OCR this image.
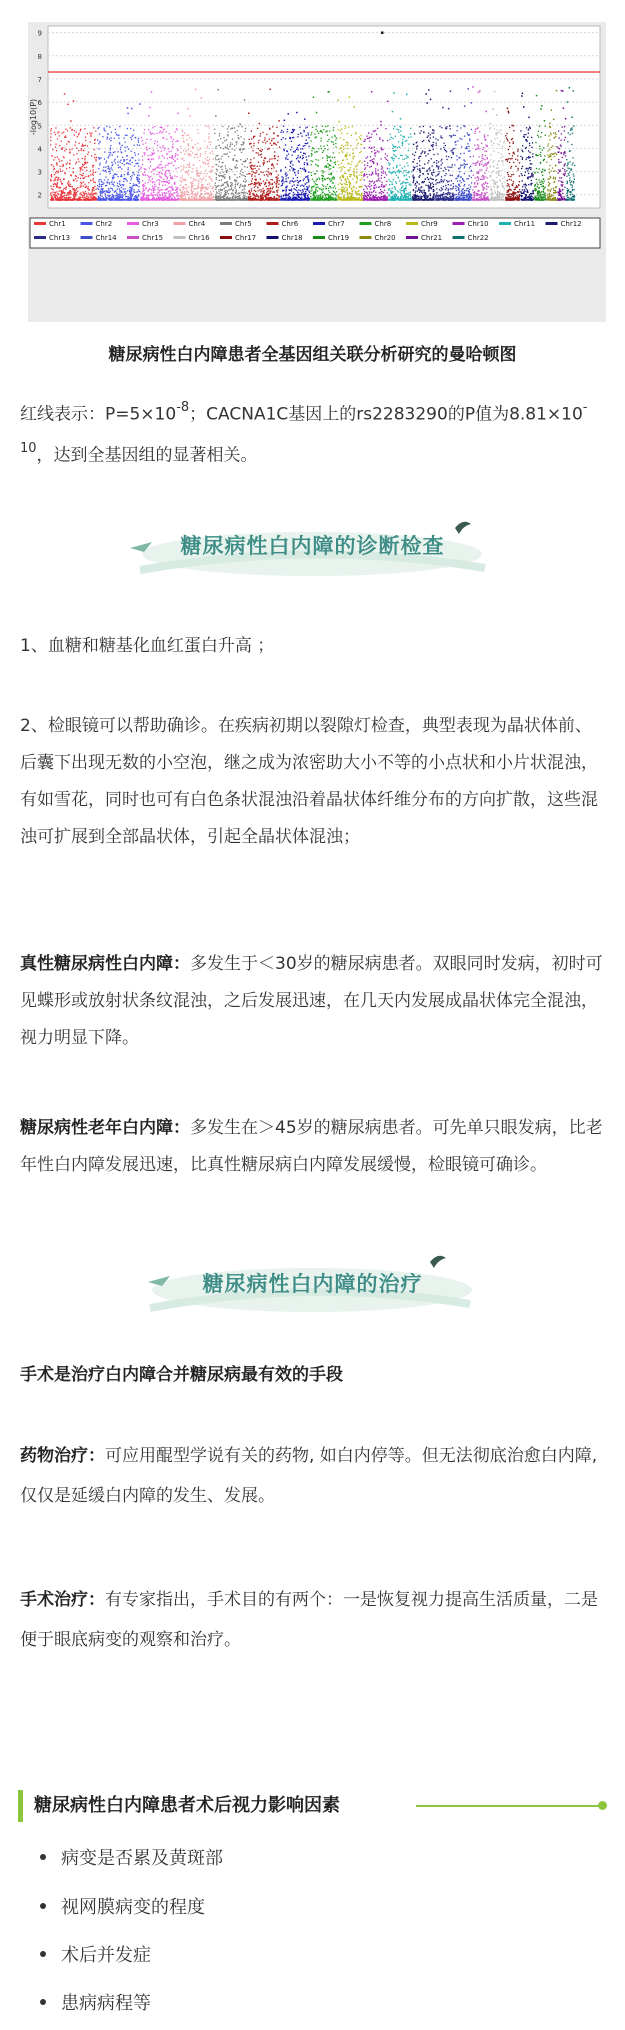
2
3
4
5
6
7
8
9
-log10(P)
Chr1	Chr2	Chr3	Chr4	Chr5	Chr6	Chr7	Chr8	Chr9	Chr10	Chr11	Chr12
Chr13	Chr14	Chr15	Chr16	Chr17	Chr18	Chr19	Chr20	Chr21	Chr22
糖尿病性白内障患者全基因组关联分析研究的曼哈顿图
红线表示：$P=5\times 10^{-8}$；CACNA1C基因上的rs2283290的P值为$8.81\times 10^{-10}$，达到全基因组的显著相关。
糖尿病性白内障的诊断检查
1、血糖和糖基化血红蛋白升高 ；
2、检眼镜可以帮助确诊。在疾病初期以裂隙灯检查，典型表现为晶状体前、后囊下出现无数的小空泡，继之成为浓密助大小不等的小点状和小片状混浊，有如雪花，同时也可有白色条状混浊沿着晶状体纤维分布的方向扩散，这些混浊可扩展到全部晶状体，引起全晶状体混浊；
真性糖尿病性白内障：多发生于＜30岁的糖尿病患者。双眼同时发病，初时可见蝶形或放射状条纹混浊，之后发展迅速，在几天内发展成晶状体完全混浊，视力明显下降。
糖尿病性老年白内障：多发生在＞45岁的糖尿病患者。可先单只眼发病，比老年性白内障发展迅速，比真性糖尿病白内障发展缓慢，检眼镜可确诊。
糖尿病性白内障的治疗
手术是治疗白内障合并糖尿病最有效的手段
药物治疗：可应用醌型学说有关的药物, 如白内停等。但无法彻底治愈白内障, 仅仅是延缓白内障的发生、发展。
手术治疗：有专家指出，手术目的有两个：一是恢复视力提高生活质量，二是便于眼底病变的观察和治疗。
糖尿病性白内障患者术后视力影响因素
病变是否累及黄斑部
视网膜病变的程度
术后并发症
患病病程等
